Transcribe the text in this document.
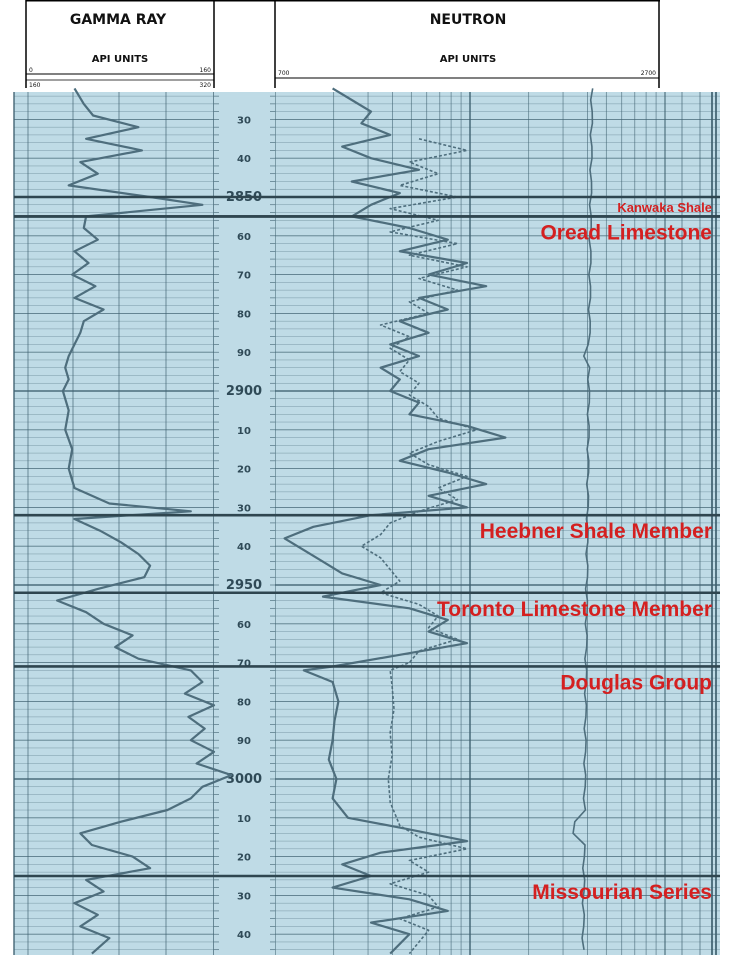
GAMMA RAY
API UNITS
0	160
160	320
NEUTRON
API UNITS
700	2700
30
40
2850
60
70
80
90
2900
10
20
30
40
2950
60
70
80
90
3000
10
20
30
40
Kanwaka Shale
Oread Limestone
Heebner Shale Member
Toronto Limestone Member
Douglas Group
Missourian Series
